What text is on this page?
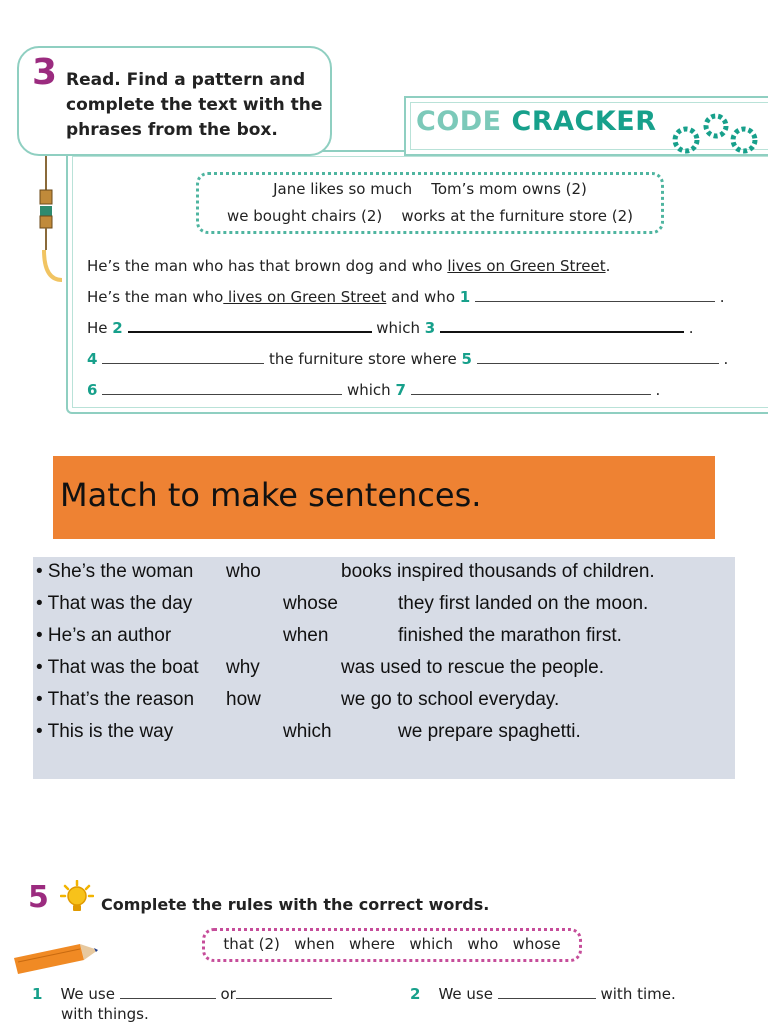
3 Read. Find a pattern and complete the text with the phrases from the box.	CODE CRACKER
Jane likes so much    Tom’s mom owns (2)
we bought chairs (2)    works at the furniture store (2)
He’s the man who has that brown dog and who lives on Green Street.
He’s the man who lives on Green Street and who 1	.
He 2	which 3	.
4	the furniture store where 5	.
6	which 7	.
Match to make sentences.
• She’s the woman who	books inspired thousands of children.
• That was the day	whose	they first landed on the moon.
• He’s an author	when	finished the marathon first.
• That was the boat why	was used to rescue the people.
• That’s the reason how	we go to school everyday.
• This is the way	which	we prepare spaghetti.
5	Complete the rules with the correct words.
that (2)   when   where   which   who   whose
1 We use	or
with things.
2 We use	with time.
